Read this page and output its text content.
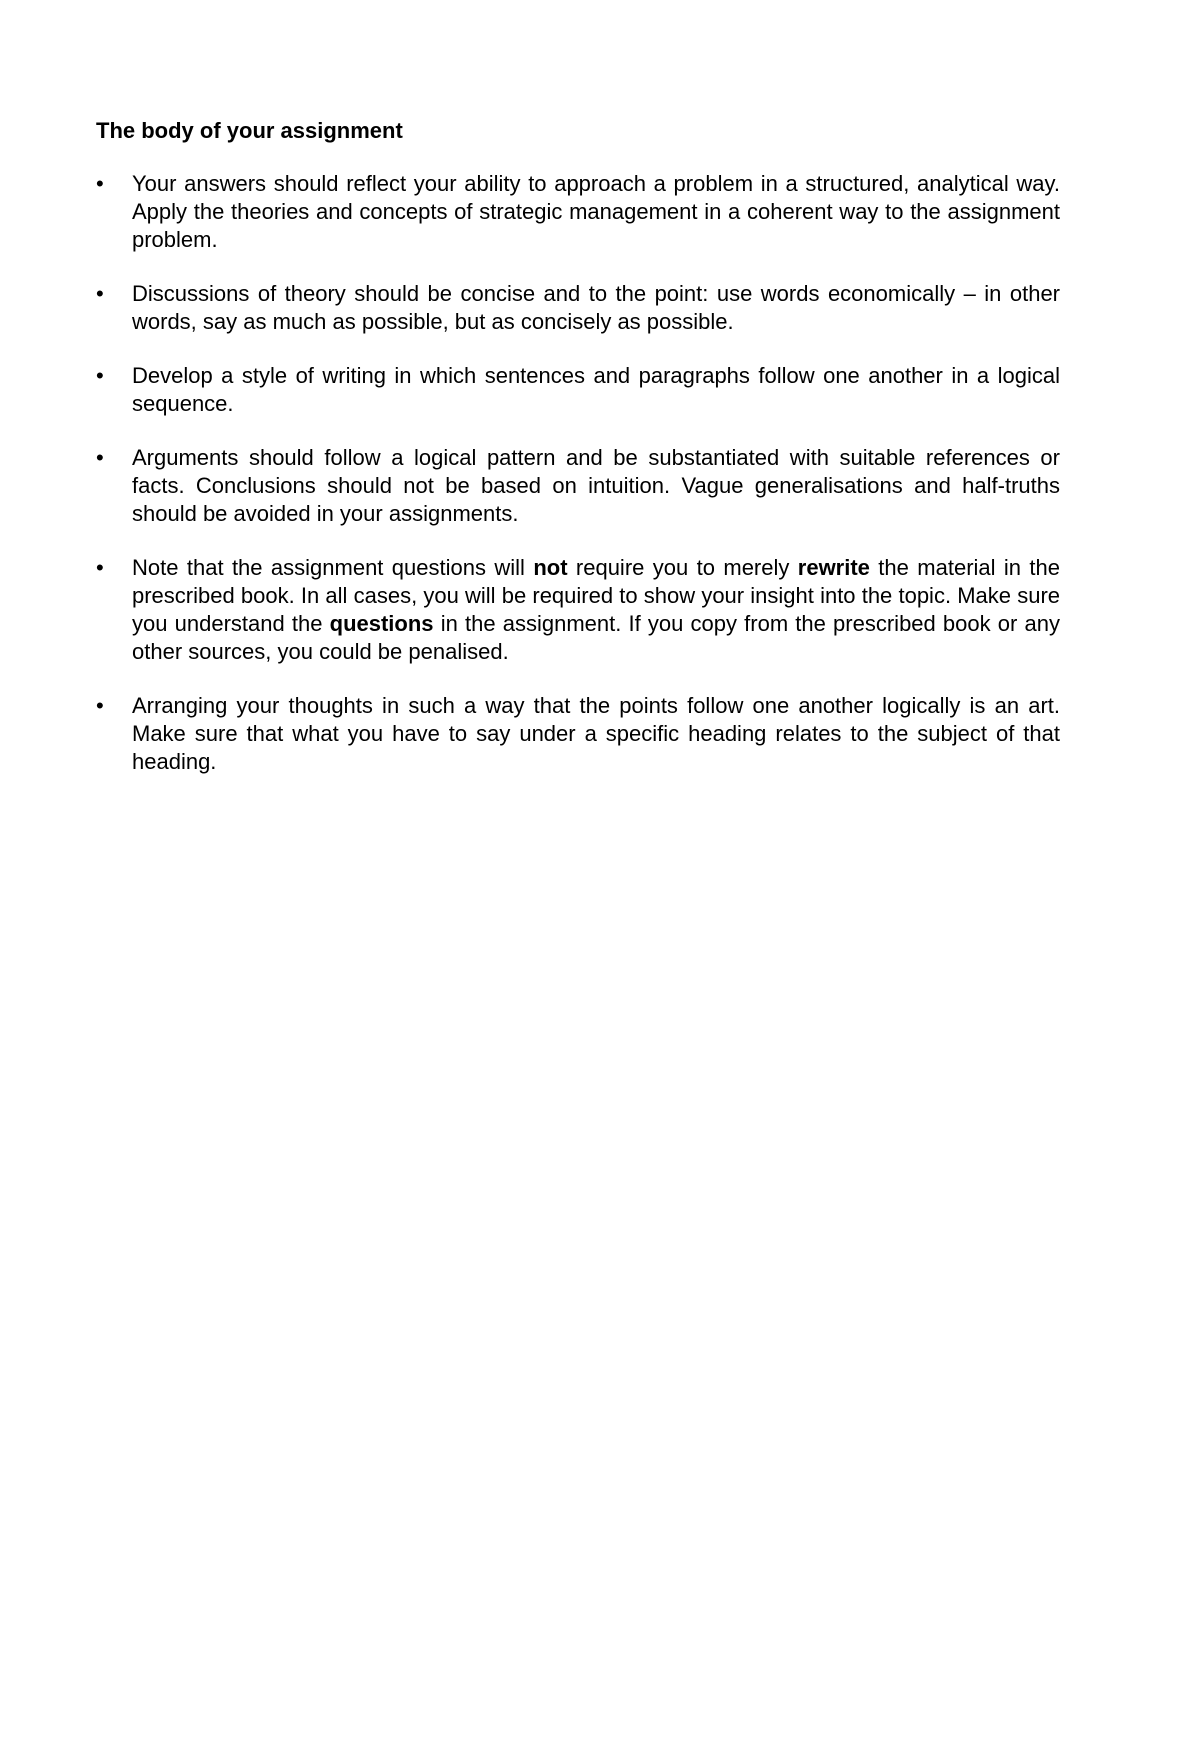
The body of your assignment
• Your answers should reflect your ability to approach a problem in a structured, analytical way. Apply the theories and concepts of strategic management in a coherent way to the assignment problem.
• Discussions of theory should be concise and to the point: use words economically – in other words, say as much as possible, but as concisely as possible.
• Develop a style of writing in which sentences and paragraphs follow one another in a logical sequence.
• Arguments should follow a logical pattern and be substantiated with suitable references or facts. Conclusions should not be based on intuition. Vague generalisations and half-truths should be avoided in your assignments.
• Note that the assignment questions will not require you to merely rewrite the material in the prescribed book. In all cases, you will be required to show your insight into the topic. Make sure you understand the questions in the assignment. If you copy from the prescribed book or any other sources, you could be penalised.
• Arranging your thoughts in such a way that the points follow one another logically is an art. Make sure that what you have to say under a specific heading relates to the subject of that heading.
